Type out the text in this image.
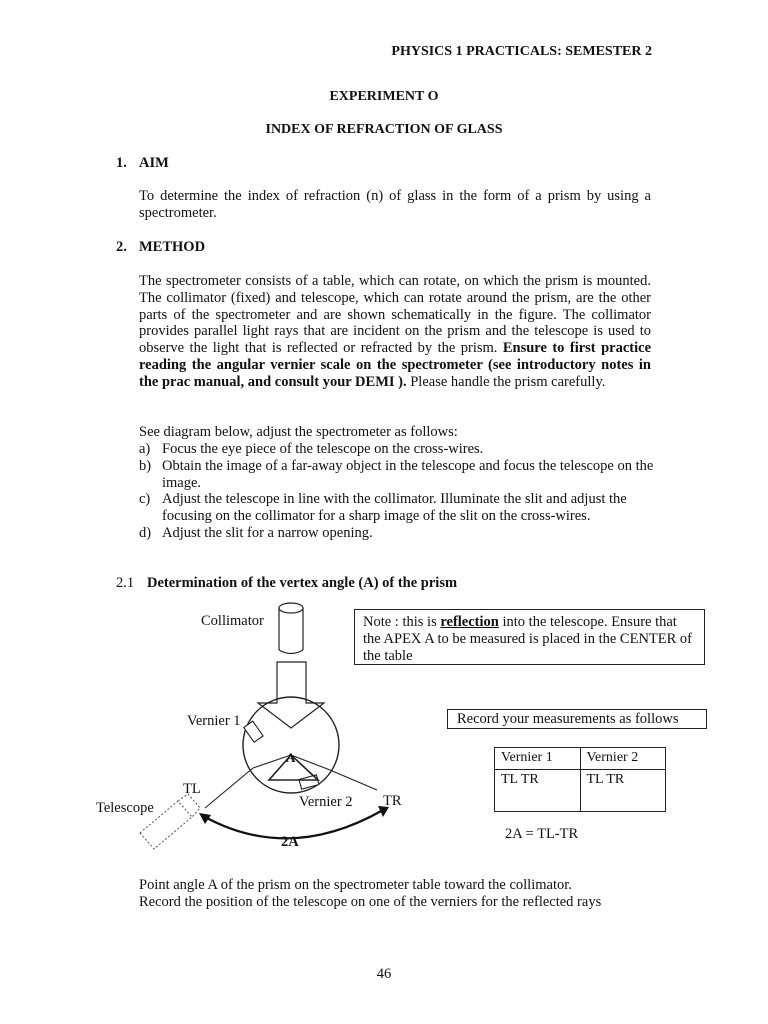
PHYSICS 1 PRACTICALS: SEMESTER 2
EXPERIMENT O
INDEX OF REFRACTION OF GLASS
1. AIM

To determine the index of refraction (n) of glass in the form of a prism by using a spectrometer.

2. METHOD

The spectrometer consists of a table, which can rotate, on which the prism is mounted. The collimator (fixed) and telescope, which can rotate around the prism, are the other parts of the spectrometer and are shown schematically in the figure. The collimator provides parallel light rays that are incident on the prism and the telescope is used to observe the light that is reflected or refracted by the prism. Ensure to first practice reading the angular vernier scale on the spectrometer (see introductory notes in the prac manual, and consult your DEMI ). Please handle the prism carefully.

See diagram below, adjust the spectrometer as follows:

a) Focus the eye piece of the telescope on the cross-wires.
b) Obtain the image of a far-away object in the telescope and focus the telescope on the image.
c) Adjust the telescope in line with the collimator. Illuminate the slit and adjust the focusing on the collimator for a sharp image of the slit on the cross-wires.
d) Adjust the slit for a narrow opening.
2.1 Determination of the vertex angle (A) of the prism
Collimator
Vernier 1
A
TL
Vernier 2 TR
Telescope
2A
Note : this is reflection into the telescope. Ensure that the APEX A to be measured is placed in the CENTER of the table
Record your measurements as follows
Vernier 1	Vernier 2
TL TR	TL TR
2A = TL-TR

Point angle A of the prism on the spectrometer table toward the collimator.

Record the position of the telescope on one of the verniers for the reflected rays

46
